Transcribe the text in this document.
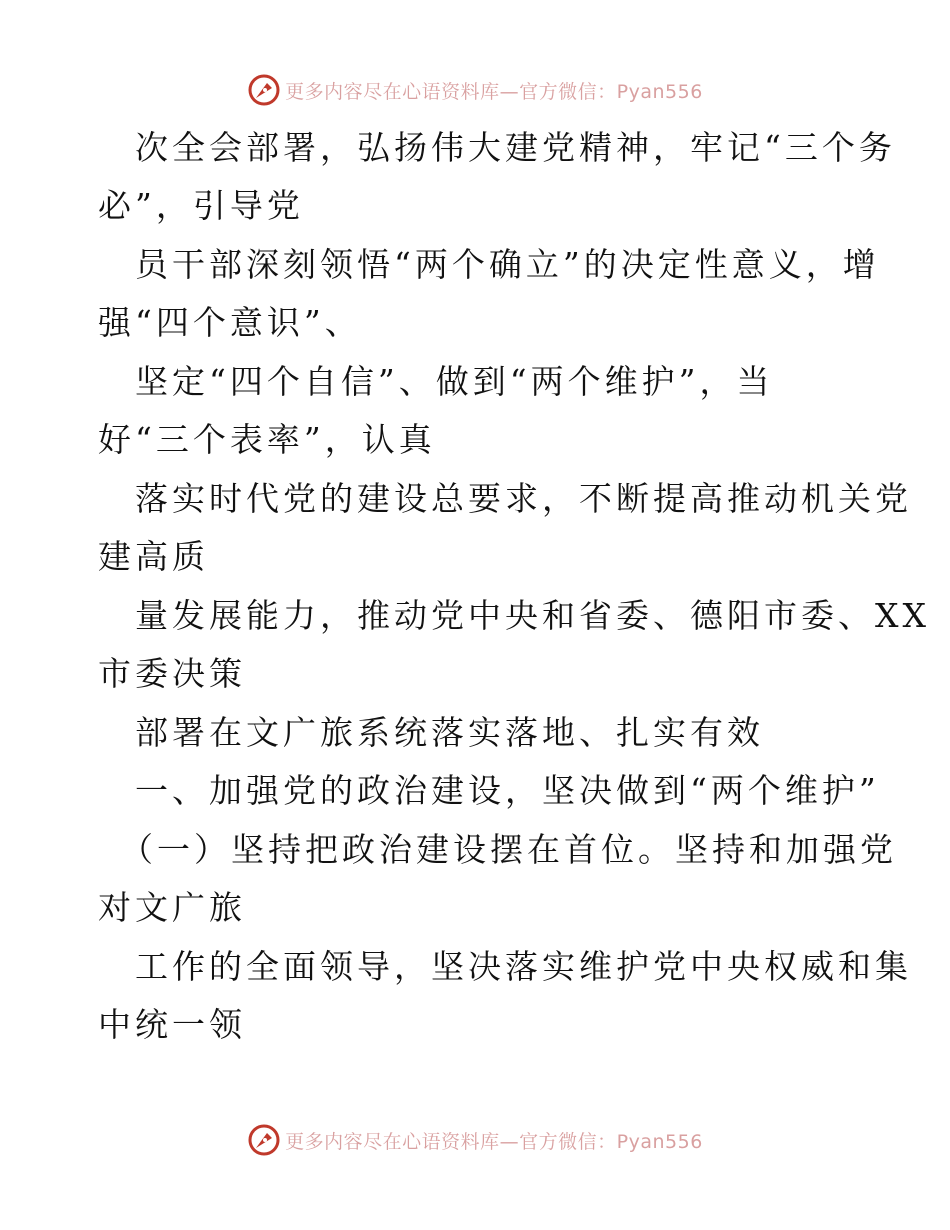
更多内容尽在心语资料库—官方微信：Pyan556
次全会部署，弘扬伟大建党精神，牢记“三个务
必”，引导党
员干部深刻领悟“两个确立”的决定性意义，增
强“四个意识”、
坚定“四个自信”、做到“两个维护”，当
好“三个表率”，认真
落实时代党的建设总要求，不断提高推动机关党
建高质
量发展能力，推动党中央和省委、德阳市委、XX
市委决策
部署在文广旅系统落实落地、扎实有效
一、加强党的政治建设，坚决做到“两个维护”
（一）坚持把政治建设摆在首位。坚持和加强党
对文广旅
工作的全面领导，坚决落实维护党中央权威和集
中统一领
更多内容尽在心语资料库—官方微信：Pyan556
